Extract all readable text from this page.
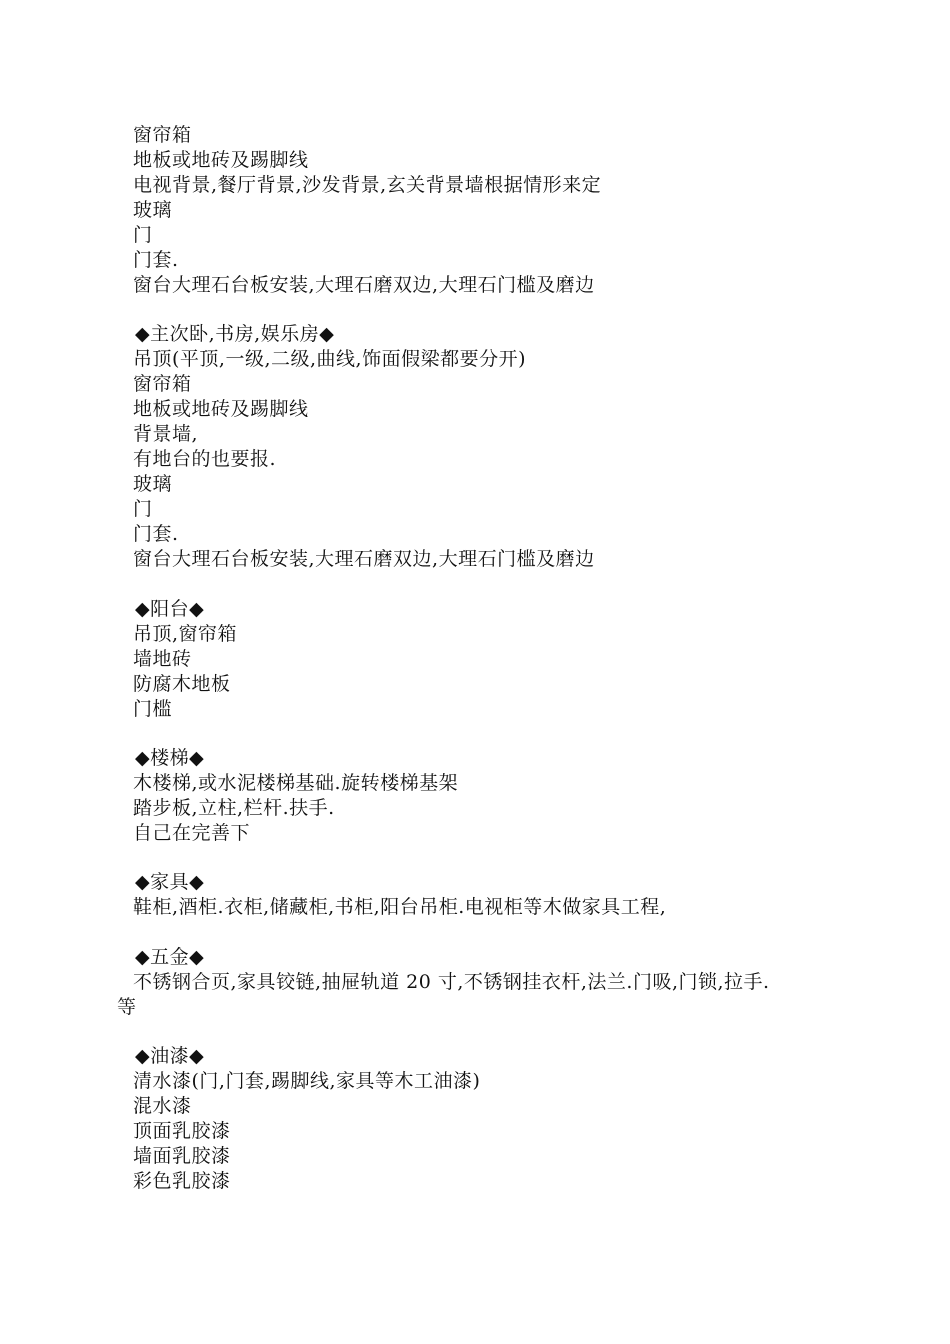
窗帘箱
地板或地砖及踢脚线
电视背景,餐厅背景,沙发背景,玄关背景墙根据情形来定
玻璃
门
门套.
窗台大理石台板安装,大理石磨双边,大理石门槛及磨边
◆主次卧,书房,娱乐房◆
吊顶(平顶,一级,二级,曲线,饰面假梁都要分开)
窗帘箱
地板或地砖及踢脚线
背景墙,
有地台的也要报.
玻璃
门
门套.
窗台大理石台板安装,大理石磨双边,大理石门槛及磨边
◆阳台◆
吊顶,窗帘箱
墙地砖
防腐木地板
门槛
◆楼梯◆
木楼梯,或水泥楼梯基础.旋转楼梯基架
踏步板,立柱,栏杆.扶手.
自己在完善下
◆家具◆
鞋柜,酒柜.衣柜,储藏柜,书柜,阳台吊柜.电视柜等木做家具工程,
◆五金◆
不锈钢合页,家具铰链,抽屉轨道 20 寸,不锈钢挂衣杆,法兰.门吸,门锁,拉手.
等
◆油漆◆
清水漆(门,门套,踢脚线,家具等木工油漆)
混水漆
顶面乳胶漆
墙面乳胶漆
彩色乳胶漆
